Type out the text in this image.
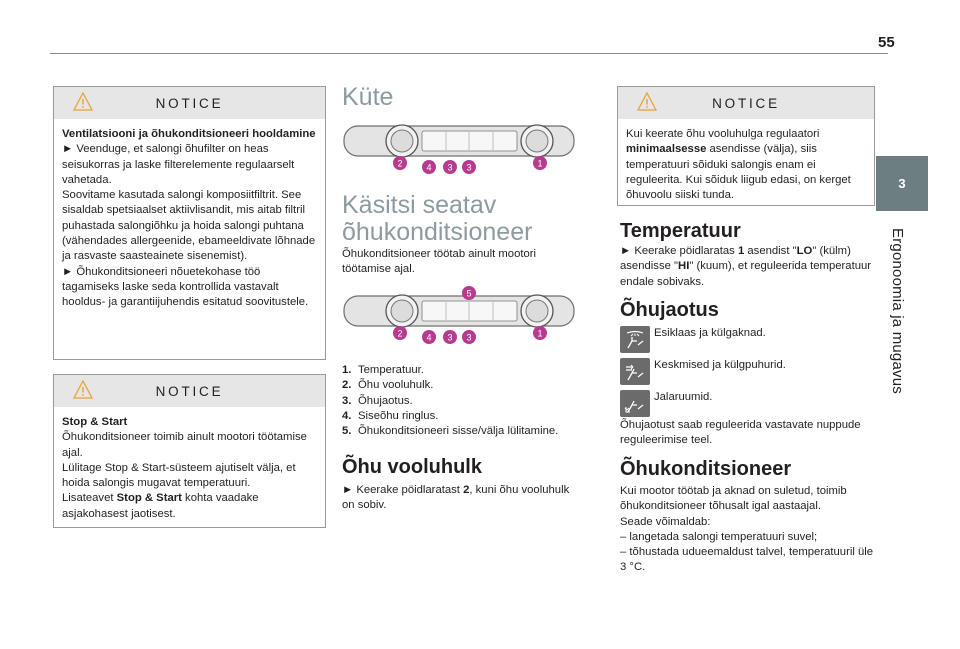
55
3
Ergonoomia ja mugavus
NOTICE

Ventilatsiooni ja õhukonditsioneeri hooldamine

► Veenduge, et salongi õhufilter on heas seisukorras ja laske filterelemente regulaarselt vahetada.

Soovitame kasutada salongi komposiitfiltrit. See sisaldab spetsiaalset aktiivlisandit, mis aitab filtril puhastada salongiõhku ja hoida salongi puhtana (vähendades allergeenide, ebameeldivate lõhnade ja rasvaste saasteainete sisenemist).

► Õhukonditsioneeri nõuetekohase töö tagamiseks laske seda kontrollida vastavalt hooldus- ja garantiijuhendis esitatud soovitustele.

NOTICE

Stop & Start

Õhukonditsioneer toimib ainult mootori töötamise ajal.

Lülitage Stop & Start-süsteem ajutiselt välja, et hoida salongis mugavat temperatuuri.

Lisateavet Stop & Start kohta vaadake asjakohasest jaotisest.

Küte
2	4 3 3	1
Käsitsi seatav
õhukonditsioneer
Õhukonditsioneer töötab ainult mootori töötamise ajal.
5
2	4 3 3	1
1. Temperatuur.
2. Õhu vooluhulk.
3. Õhujaotus.
4. Siseõhu ringlus.
5. Õhukonditsioneeri sisse/välja lülitamine.
Õhu vooluhulk
► Keerake pöidlaratast 2, kuni õhu vooluhulk on sobiv.
NOTICE

Kui keerate õhu vooluhulga regulaatori minimaalsesse asendisse (välja), siis temperatuuri sõiduki salongis enam ei reguleerita. Kui sõiduk liigub edasi, on kerget õhuvoolu siiski tunda.

Temperatuur
► Keerake pöidlaratas 1 asendist "LO" (külm) asendisse "HI" (kuum), et reguleerida temperatuur endale sobivaks.
Õhujaotus
Esiklaas ja külgaknad.
Keskmised ja külgpuhurid.
Jalaruumid.
Õhujaotust saab reguleerida vastavate nuppude reguleerimise teel.
Õhukonditsioneer

Kui mootor töötab ja aknad on suletud, toimib õhukonditsioneer tõhusalt igal aastaajal.

Seade võimaldab:

– langetada salongi temperatuuri suvel;

– tõhustada udueemaldust talvel, temperatuuril üle 3 °C.
